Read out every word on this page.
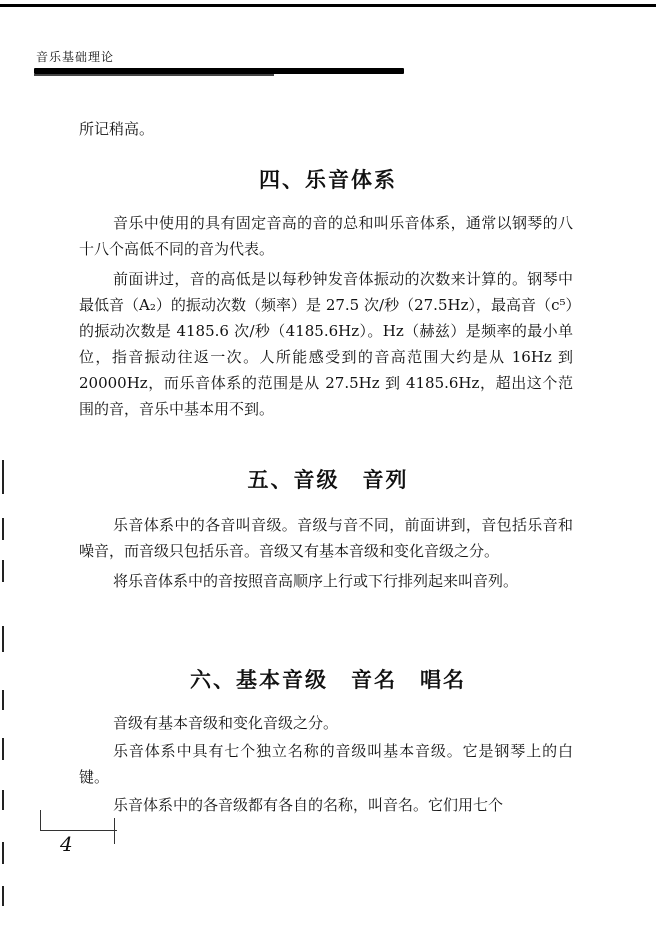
音乐基础理论

所记稍高。

四、乐音体系

音乐中使用的具有固定音高的音的总和叫乐音体系，通常以钢琴的八十八个高低不同的音为代表。

前面讲过，音的高低是以每秒钟发音体振动的次数来计算的。钢琴中最低音（A₂）的振动次数（频率）是 27.5 次/秒（27.5Hz），最高音（c⁵）的振动次数是 4185.6 次/秒（4185.6Hz）。Hz（赫兹）是频率的最小单位，指音振动往返一次。人所能感受到的音高范围大约是从 16Hz 到 20000Hz，而乐音体系的范围是从 27.5Hz 到 4185.6Hz，超出这个范围的音，音乐中基本用不到。

五、音级　音列

乐音体系中的各音叫音级。音级与音不同，前面讲到，音包括乐音和噪音，而音级只包括乐音。音级又有基本音级和变化音级之分。

将乐音体系中的音按照音高顺序上行或下行排列起来叫音列。

六、基本音级　音名　唱名

音级有基本音级和变化音级之分。

乐音体系中具有七个独立名称的音级叫基本音级。它是钢琴上的白键。

乐音体系中的各音级都有各自的名称，叫音名。它们用七个

4
